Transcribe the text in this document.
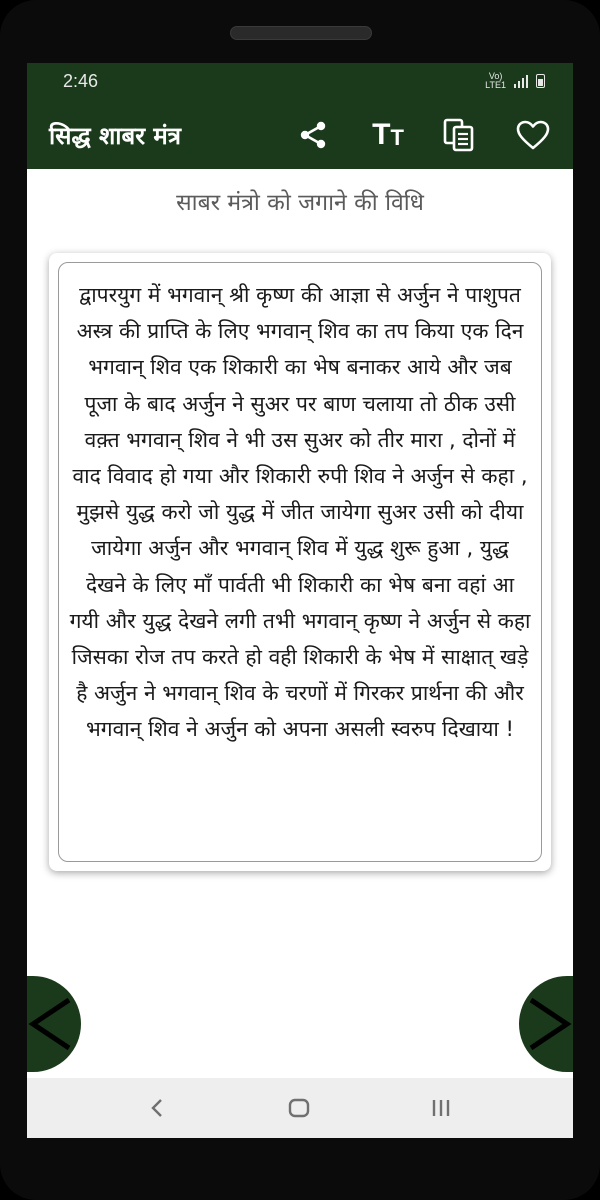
2:46	Vo)
LTE1
सिद्ध शाबर मंत्र	T T
साबर मंत्रो को जगाने की विधि

द्वापरयुग में भगवान् श्री कृष्ण की आज्ञा से अर्जुन ने पाशुपत अस्त्र की प्राप्ति के लिए भगवान् शिव का तप किया एक दिन भगवान् शिव एक शिकारी का भेष बनाकर आये और जब पूजा के बाद अर्जुन ने सुअर पर बाण चलाया तो ठीक उसी वक़्त भगवान् शिव ने भी उस सुअर को तीर मारा , दोनों में वाद विवाद हो गया और शिकारी रुपी शिव ने अर्जुन से कहा , मुझसे युद्ध करो जो युद्ध में जीत जायेगा सुअर उसी को दीया जायेगा अर्जुन और भगवान् शिव में युद्ध शुरू हुआ , युद्ध देखने के लिए माँ पार्वती भी शिकारी का भेष बना वहां आ गयी और युद्ध देखने लगी तभी भगवान् कृष्ण ने अर्जुन से कहा जिसका रोज तप करते हो वही शिकारी के भेष में साक्षात् खड़े है अर्जुन ने भगवान् शिव के चरणों में गिरकर प्रार्थना की और भगवान् शिव ने अर्जुन को अपना असली स्वरुप दिखाया !
